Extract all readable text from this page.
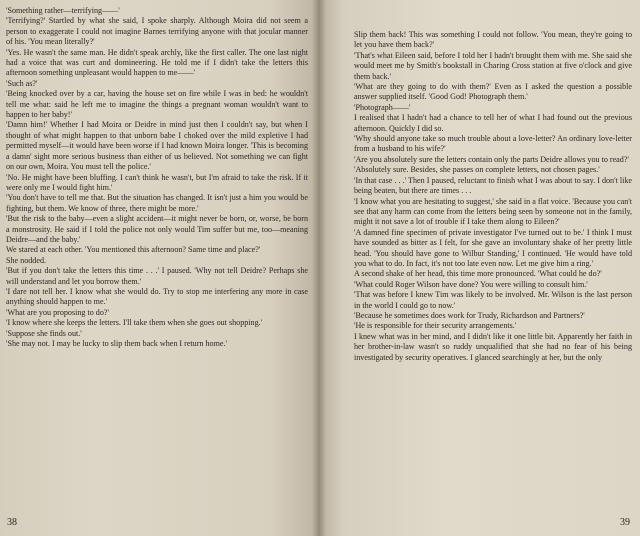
'Something rather—terrifying——'

'Terrifying?' Startled by what she said, I spoke sharply. Although Moira did not seem a person to exaggerate I could not imagine Barnes terrifying anyone with that jocular manner of his. 'You mean literally?'

'Yes. He wasn't the same man. He didn't speak archly, like the first caller. The one last night had a voice that was curt and domineering. He told me if I didn't take the letters this afternoon something unpleasant would happen to me——'

'Such as?'

'Being knocked over by a car, having the house set on fire while I was in bed: he wouldn't tell me what: said he left me to imagine the things a pregnant woman wouldn't want to happen to her baby!'

'Damn him!' Whether I had Moira or Deidre in mind just then I couldn't say, but when I thought of what might happen to that unborn babe I choked over the mild expletive I had permitted myself—it would have been worse if I had known Moira longer. 'This is becoming a damn' sight more serious business than either of us believed. Not something we can fight on our own, Moira. You must tell the police.'

'No. He might have been bluffing. I can't think he wasn't, but I'm afraid to take the risk. If it were only me I would fight him.'

'You don't have to tell me that. But the situation has changed. It isn't just a him you would be fighting, but them. We know of three, there might be more.'

'But the risk to the baby—even a slight accident—it might never be born, or, worse, be born a monstrosity. He said if I told the police not only would Tim suffer but me, too—meaning Deidre—and the baby.'

We stared at each other. 'You mentioned this afternoon? Same time and place?'

She nodded.

'But if you don't take the letters this time . . .' I paused. 'Why not tell Deidre? Perhaps she will understand and let you borrow them.'

'I dare not tell her. I know what she would do. Try to stop me interfering any more in case anything should happen to me.'

'What are you proposing to do?'

'I know where she keeps the letters. I'll take them when she goes out shopping.'

'Suppose she finds out.'

'She may not. I may be lucky to slip them back when I return home.'

38

Slip them back! This was something I could not follow. 'You mean, they're going to let you have them back?'

'That's what Eileen said, before I told her I hadn't brought them with me. She said she would meet me by Smith's bookstall in Charing Cross station at five o'clock and give them back.'

'What are they going to do with them?' Even as I asked the question a possible answer supplied itself. 'Good God! Photograph them.'

'Photograph——'

I realised that I hadn't had a chance to tell her of what I had found out the previous afternoon. Quickly I did so.

'Why should anyone take so much trouble about a love-letter? An ordinary love-letter from a husband to his wife?'

'Are you absolutely sure the letters contain only the parts Deidre allows you to read?'

'Absolutely sure. Besides, she passes on complete letters, not chosen pages.'

'In that case . . .' Then I paused, reluctant to finish what I was about to say. I don't like being beaten, but there are times . . .

'I know what you are hesitating to suggest,' she said in a flat voice. 'Because you can't see that any harm can come from the letters being seen by someone not in the family, might it not save a lot of trouble if I take them along to Eileen?'

'A damned fine specimen of private investigator I've turned out to be.' I think I must have sounded as bitter as I felt, for she gave an involuntary shake of her pretty little head. 'You should have gone to Wilbur Standing,' I continued. 'He would have told you what to do. In fact, it's not too late even now. Let me give him a ring.'

A second shake of her head, this time more pronounced. 'What could he do?'

'What could Roger Wilson have done? You were willing to consult him.'

'That was before I knew Tim was likely to be involved. Mr. Wilson is the last person in the world I could go to now.'

'Because he sometimes does work for Trudy, Richardson and Partners?'

'He is responsible for their security arrangements.'

I knew what was in her mind, and I didn't like it one little bit. Apparently her faith in her brother-in-law wasn't so ruddy unqualified that she had no fear of his being investigated by security operatives. I glanced searchingly at her, but the only

39
